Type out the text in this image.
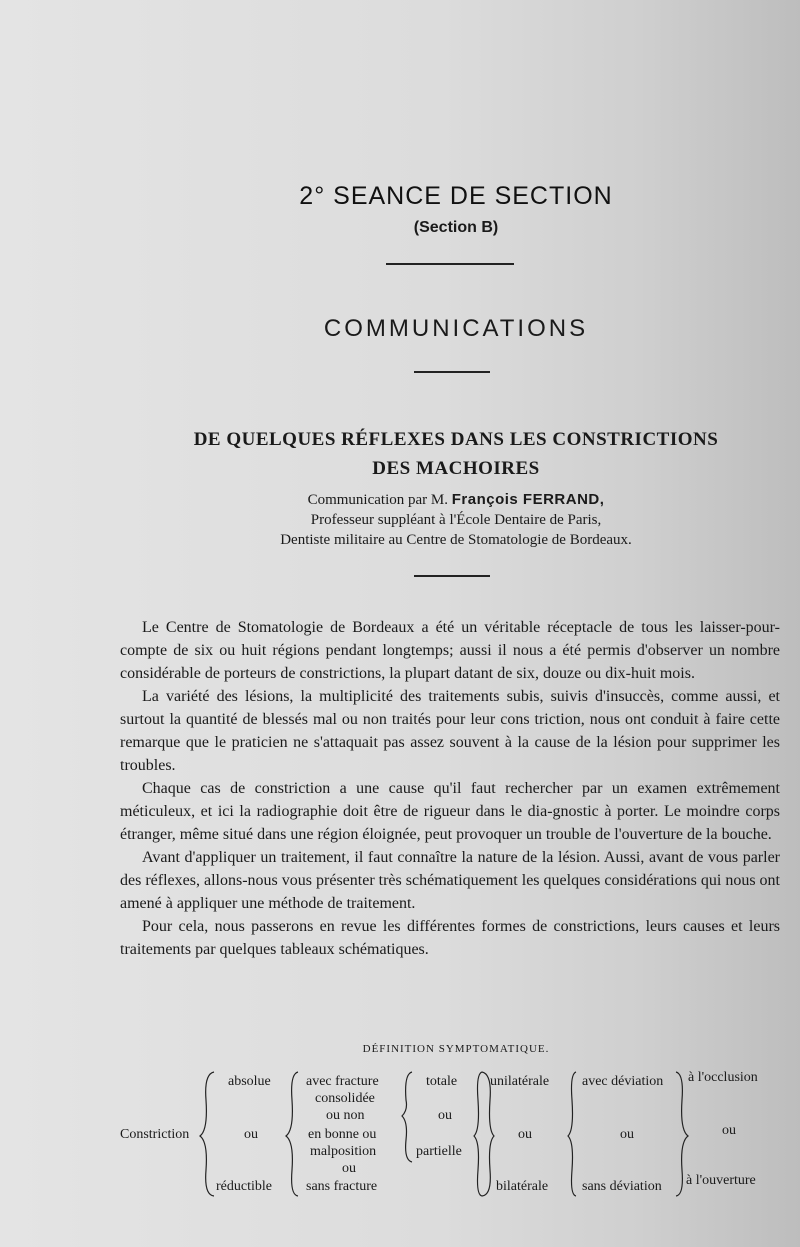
2° SEANCE DE SECTION
(Section B)
COMMUNICATIONS
DE QUELQUES RÉFLEXES DANS LES CONSTRICTIONS
DES MACHOIRES
Communication par M. François FERRAND,
Professeur suppléant à l'École Dentaire de Paris,
Dentiste militaire au Centre de Stomatologie de Bordeaux.

Le Centre de Stomatologie de Bordeaux a été un véritable réceptacle de tous les laisser-pour-compte de six ou huit régions pendant longtemps; aussi il nous a été permis d'observer un nombre considérable de porteurs de constrictions, la plupart datant de six, douze ou dix-huit mois.

La variété des lésions, la multiplicité des traitements subis, suivis d'insuccès, comme aussi, et surtout la quantité de blessés mal ou non traités pour leur cons triction, nous ont conduit à faire cette remarque que le praticien ne s'attaquait pas assez souvent à la cause de la lésion pour supprimer les troubles.

Chaque cas de constriction a une cause qu'il faut rechercher par un examen extrêmement méticuleux, et ici la radiographie doit être de rigueur dans le dia-gnostic à porter. Le moindre corps étranger, même situé dans une région éloignée, peut provoquer un trouble de l'ouverture de la bouche.

Avant d'appliquer un traitement, il faut connaître la nature de la lésion. Aussi, avant de vous parler des réflexes, allons-nous vous présenter très schématiquement les quelques considérations qui nous ont amené à appliquer une méthode de traitement.

Pour cela, nous passerons en revue les différentes formes de constrictions, leurs causes et leurs traitements par quelques tableaux schématiques.

DÉFINITION SYMPTOMATIQUE.
Constriction
absolue
ou
réductible
avec fracture
consolidée
ou non
en bonne ou
malposition
ou
sans fracture
totale
ou
partielle
unilatérale
ou
bilatérale
avec déviation
ou
sans déviation
à l'occlusion
ou
à l'ouverture
